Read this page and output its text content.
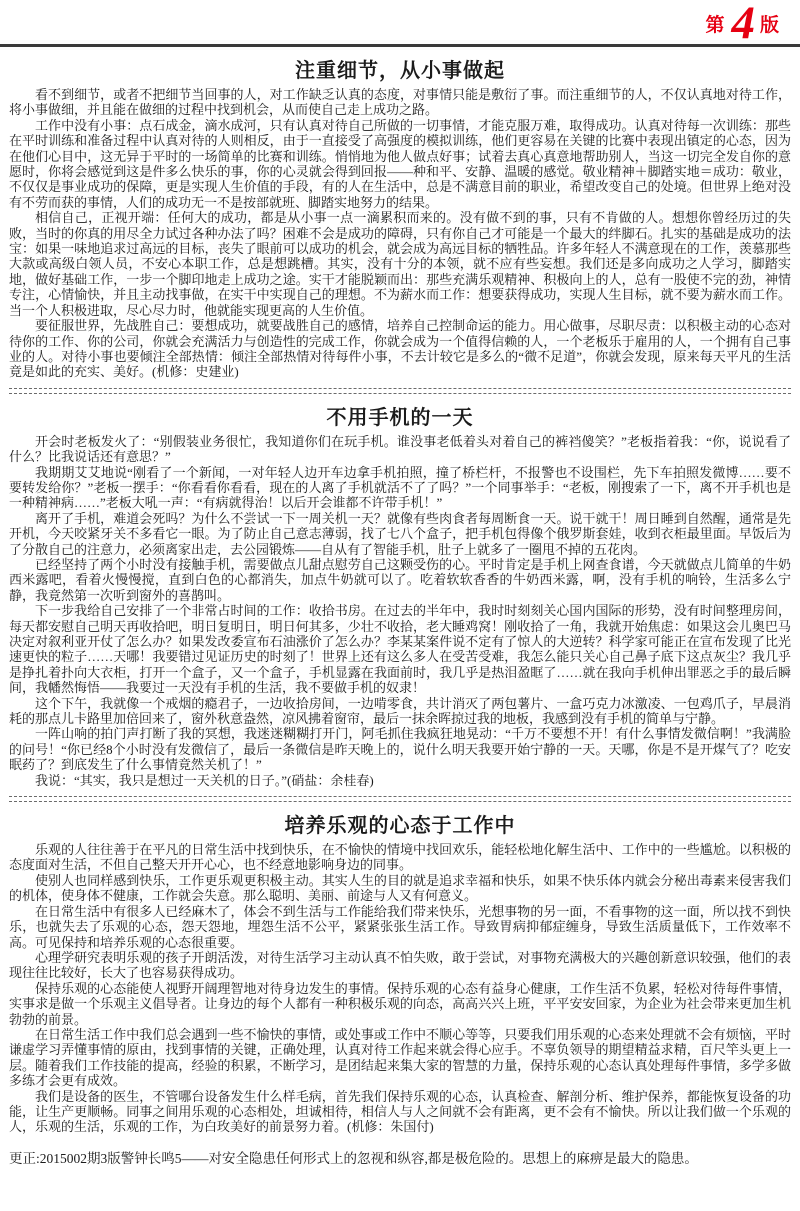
第 4 版
注重细节，从小事做起

看不到细节，或者不把细节当回事的人，对工作缺乏认真的态度，对事情只能是敷衍了事。而注重细节的人，不仅认真地对待工作，将小事做细，并且能在做细的过程中找到机会，从而使自己走上成功之路。

工作中没有小事：点石成金，滴水成河，只有认真对待自己所做的一切事情，才能克服万难，取得成功。认真对待每一次训练：那些在平时训练和准备过程中认真对待的人则相反，由于一直接受了高强度的模拟训练，他们更容易在关键的比赛中表现出镇定的心态，因为在他们心目中，这无异于平时的一场简单的比赛和训练。悄悄地为他人做点好事；试着去真心真意地帮助别人，当这一切完全发自你的意愿时，你将会感觉到这是件多么快乐的事，你的心灵就会得到回报——种和平、安静、温暖的感觉。敬业精神＋脚踏实地＝成功：敬业，不仅仅是事业成功的保障，更是实现人生价值的手段，有的人在生活中，总是不满意目前的职业，希望改变自己的处境。但世界上绝对没有不劳而获的事情，人们的成功无一不是按部就班、脚踏实地努力的结果。

相信自己，正视开端：任何大的成功，都是从小事一点一滴累积而来的。没有做不到的事，只有不肯做的人。想想你曾经历过的失败，当时的你真的用尽全力试过各种办法了吗？困难不会是成功的障碍，只有你自己才可能是一个最大的绊脚石。扎实的基础是成功的法宝：如果一味地追求过高远的目标，丧失了眼前可以成功的机会，就会成为高远目标的牺牲品。许多年轻人不满意现在的工作，羡慕那些大款或高级白领人员，不安心本职工作，总是想跳槽。其实，没有十分的本领，就不应有些妄想。我们还是多向成功之人学习，脚踏实地，做好基础工作，一步一个脚印地走上成功之途。实干才能脱颖而出：那些充满乐观精神、积极向上的人，总有一股使不完的劲，神情专注，心情愉快，并且主动找事做，在实干中实现自己的理想。不为薪水而工作：想要获得成功，实现人生目标，就不要为薪水而工作。当一个人积极进取，尽心尽力时，他就能实现更高的人生价值。

要征服世界，先战胜自己：要想成功，就要战胜自己的感情，培养自己控制命运的能力。用心做事，尽职尽责：以积极主动的心态对待你的工作、你的公司，你就会充满活力与创造性的完成工作，你就会成为一个值得信赖的人，一个老板乐于雇用的人，一个拥有自己事业的人。对待小事也要倾注全部热情：倾注全部热情对待每件小事，不去计较它是多么的“微不足道”，你就会发现，原来每天平凡的生活竟是如此的充实、美好。(机修：史建业)

不用手机的一天

开会时老板发火了：“别假装业务很忙，我知道你们在玩手机。谁没事老低着头对着自己的裤裆傻笑？”老板指着我：“你，说说看了什么？比我说话还有意思？”

我期期艾艾地说“刚看了一个新闻，一对年轻人边开车边拿手机拍照，撞了桥栏杆，不报警也不设围栏，先下车拍照发微博……要不要转发给你？”老板一摆手：“你看看你看看，现在的人离了手机就活不了了吗？”一个同事举手：“老板，刚搜索了一下，离不开手机也是一种精神病……”老板大吼一声：“有病就得治！以后开会谁都不许带手机！”

离开了手机，难道会死吗？为什么不尝试一下一周关机一天？就像有些肉食者每周断食一天。说干就干！周日睡到自然醒，通常是先开机，今天咬紧牙关不多看它一眼。为了防止自己意志薄弱，找了七八个盒子，把手机包得像个俄罗斯套娃，收到衣柜最里面。早饭后为了分散自己的注意力，必须离家出走，去公园锻炼——自从有了智能手机，肚子上就多了一圈甩不掉的五花肉。

已经坚持了两个小时没有接触手机，需要做点儿甜点慰劳自己这颗受伤的心。平时肯定是手机上网查食谱，今天就做点儿简单的牛奶西米露吧，看着火慢慢搅，直到白色的心都消失，加点牛奶就可以了。吃着软软香香的牛奶西米露，啊，没有手机的响铃，生活多么宁静，我竟然第一次听到窗外的喜鹊叫。

下一步我给自己安排了一个非常占时间的工作：收拾书房。在过去的半年中，我时时刻刻关心国内国际的形势，没有时间整理房间，每天都安慰自己明天再收拾吧，明日复明日，明日何其多，少壮不收拾，老大睡鸡窝！刚收拾了一角，我就开始焦虑：如果这会儿奥巴马决定对叙利亚开仗了怎么办？如果发改委宣布石油涨价了怎么办？李某某案件说不定有了惊人的大逆转？科学家可能正在宣布发现了比光速更快的粒子……天哪！我要错过见证历史的时刻了！世界上还有这么多人在受苦受难，我怎么能只关心自己鼻子底下这点灰尘？我几乎是挣扎着扑向大衣柜，打开一个盒子，又一个盒子，手机显露在我面前时，我几乎是热泪盈眶了……就在我向手机伸出罪恶之手的最后瞬间，我幡然悔悟——我要过一天没有手机的生活，我不要做手机的奴隶！

这个下午，我就像一个戒烟的瘾君子，一边收拾房间，一边啃零食，共计消灭了两包薯片、一盒巧克力冰激凌、一包鸡爪子，早晨消耗的那点儿卡路里加倍回来了，窗外秋意盎然，凉风拂着窗帘，最后一抹余晖掠过我的地板，我感到没有手机的简单与宁静。

一阵山响的拍门声打断了我的冥想，我迷迷糊糊打开门，阿毛抓住我疯狂地晃动：“千万不要想不开！有什么事情发微信啊！”我满脸的问号！“你已经8个小时没有发微信了，最后一条微信是昨天晚上的，说什么明天我要开始宁静的一天。天哪，你是不是开煤气了？吃安眠药了？到底发生了什么事情竟然关机了！”

我说：“其实，我只是想过一天关机的日子。”(硝盐：余桂春)

培养乐观的心态于工作中

乐观的人往往善于在平凡的日常生活中找到快乐，在不愉快的情境中找回欢乐，能轻松地化解生活中、工作中的一些尴尬。以积极的态度面对生活，不但自己整天开开心心，也不经意地影响身边的同事。

使别人也同样感到快乐，工作更乐观更积极主动。其实人生的目的就是追求幸福和快乐，如果不快乐体内就会分秘出毒素来侵害我们的机体，使身体不健康，工作就会失意。那么聪明、美丽、前途与人又有何意义。

在日常生活中有很多人已经麻木了，体会不到生活与工作能给我们带来快乐，光想事物的另一面，不看事物的这一面，所以找不到快乐，也就失去了乐观的心态，怨天怨地，埋怨生活不公平，紧紧张张生活工作。导致胃病抑郁症缠身，导致生活质量低下，工作效率不高。可见保持和培养乐观的心态很重要。

心理学研究表明乐观的孩子开朗活泼，对待生活学习主动认真不怕失败，敢于尝试，对事物充满极大的兴趣创新意识较强，他们的表现往往比较好，长大了也容易获得成功。

保持乐观的心态能使人视野开阔理智地对待身边发生的事情。保持乐观的心态有益身心健康，工作生活不负累，轻松对待每件事情，实事求是做一个乐观主义倡导者。让身边的每个人都有一种积极乐观的向态，高高兴兴上班，平平安安回家，为企业为社会带来更加生机勃勃的前景。

在日常生活工作中我们总会遇到一些不愉快的事情，或处事或工作中不顺心等等，只要我们用乐观的心态来处理就不会有烦恼，平时谦虚学习弄懂事情的原由，找到事情的关键，正确处理，认真对待工作起来就会得心应手。不辜负领导的期望精益求精，百尺竿头更上一层。随着我们工作技能的提高，经验的积累，不断学习，是团结起来集大家的智慧的力量，保持乐观的心态认真处理每件事情，多学多做多练才会更有成效。

我们是设备的医生，不管哪台设备发生什么样毛病，首先我们保持乐观的心态，认真检查、解剖分析、维护保养，都能恢复设备的功能，让生产更顺畅。同事之间用乐观的心态相处，坦诚相待，相信人与人之间就不会有距离，更不会有不愉快。所以让我们做一个乐观的人，乐观的生活，乐观的工作，为白玫美好的前景努力着。(机修：朱国付)

更正:2015002期3版警钟长鸣5——对安全隐患任何形式上的忽视和纵容,都是极危险的。思想上的麻痹是最大的隐患。
